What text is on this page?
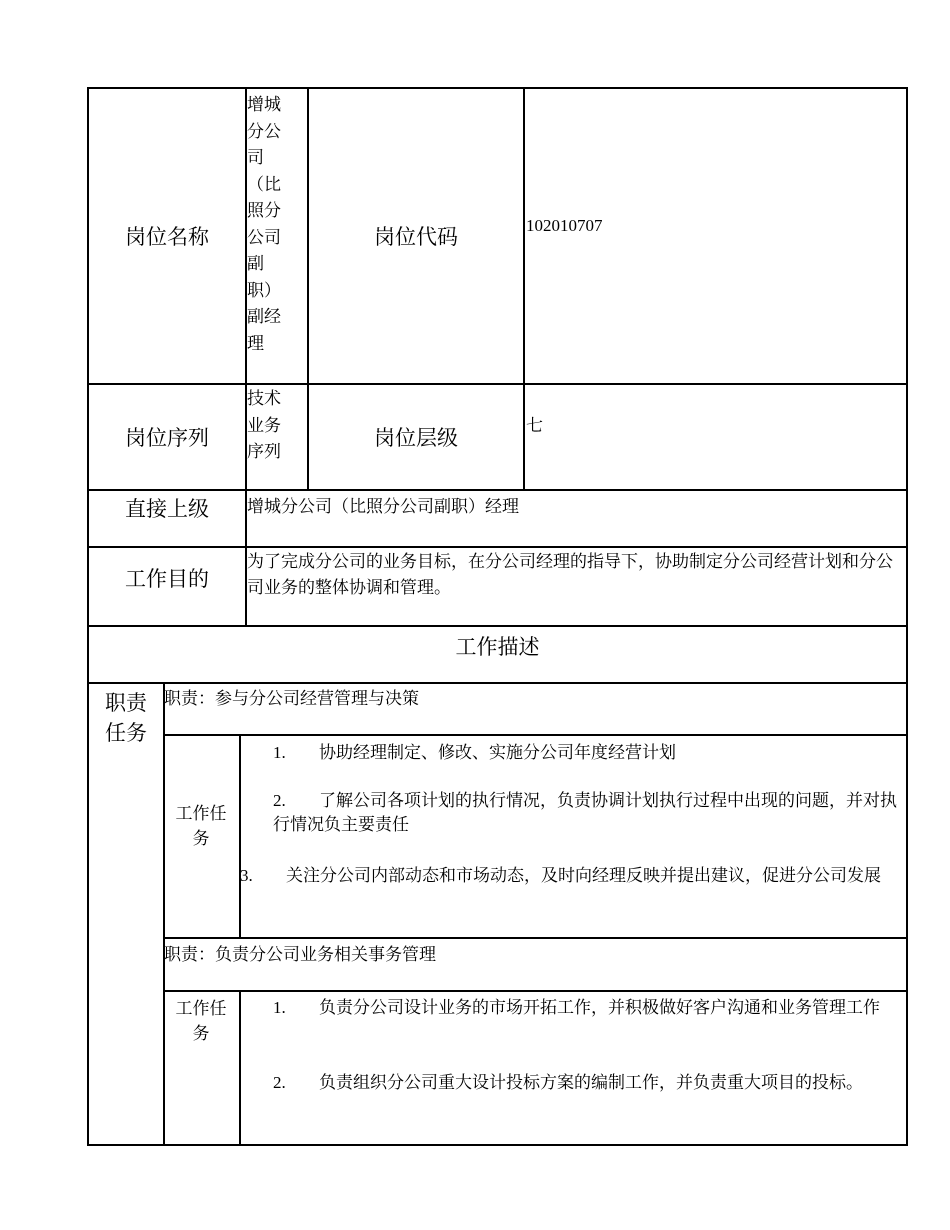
岗位名称
增城分公司（比照分公司副职）副经理
岗位代码	102010707
岗位序列
技术业务序列
岗位层级
七
直接上级	增城分公司（比照分公司副职）经理
工作目的
为了完成分公司的业务目标，在分公司经理的指导下，协助制定分公司经营计划和分公司业务的整体协调和管理。
工作描述
职责任务
职责：参与分公司经营管理与决策
工作任务
1. 协助经理制定、修改、实施分公司年度经营计划
2. 了解公司各项计划的执行情况，负责协调计划执行过程中出现的问题，并对执行情况负主要责任
3. 关注分公司内部动态和市场动态，及时向经理反映并提出建议，促进分公司发展
职责：负责分公司业务相关事务管理
工作任务
1. 负责分公司设计业务的市场开拓工作，并积极做好客户沟通和业务管理工作
2. 负责组织分公司重大设计投标方案的编制工作，并负责重大项目的投标。
